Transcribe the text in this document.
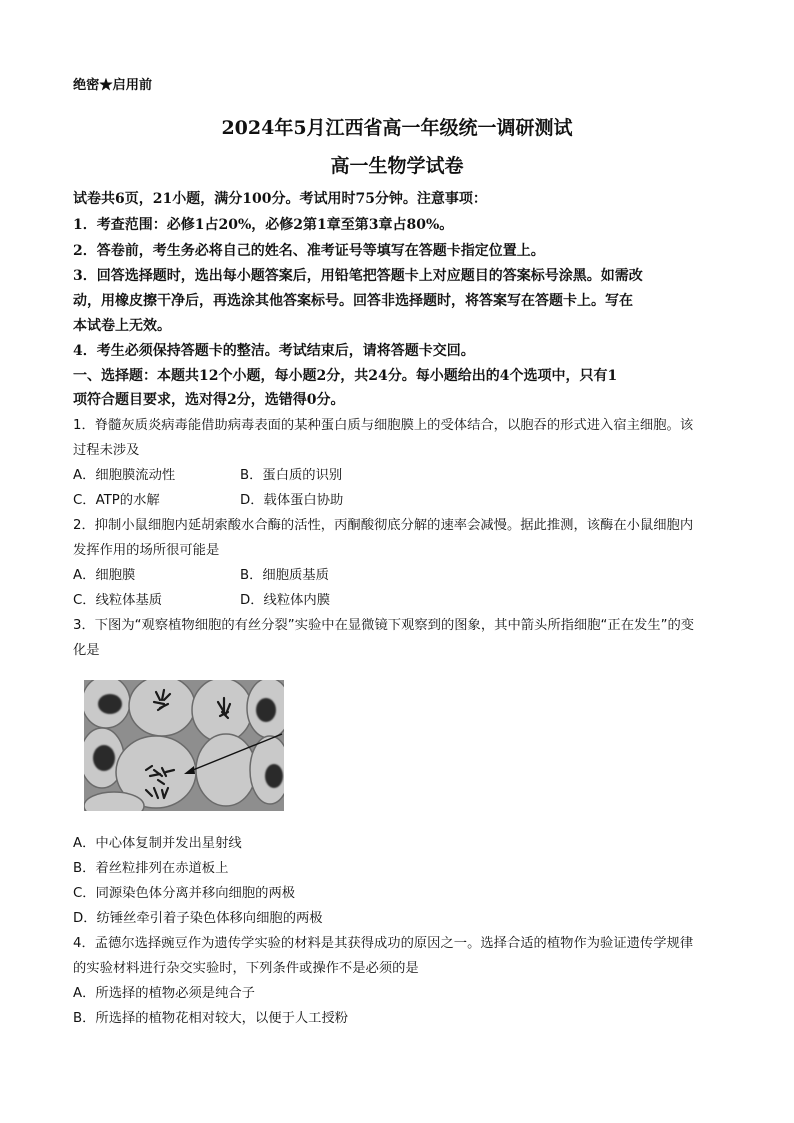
绝密★启用前
2024年5月江西省高一年级统一调研测试
高一生物学试卷
试卷共6页，21小题，满分100分。考试用时75分钟。注意事项：
1．考查范围：必修1占20%，必修2第1章至第3章占80%。
2．答卷前，考生务必将自己的姓名、准考证号等填写在答题卡指定位置上。
3．回答选择题时，选出每小题答案后，用铅笔把答题卡上对应题目的答案标号涂黑。如需改
动，用橡皮擦干净后，再选涂其他答案标号。回答非选择题时，将答案写在答题卡上。写在
本试卷上无效。
4．考生必须保持答题卡的整洁。考试结束后，请将答题卡交回。
一、选择题：本题共12个小题，每小题2分，共24分。每小题给出的4个选项中，只有1
项符合题目要求，选对得2分，选错得0分。
1．脊髓灰质炎病毒能借助病毒表面的某种蛋白质与细胞膜上的受体结合，以胞吞的形式进入宿主细胞。该
过程未涉及
A．细胞膜流动性	B．蛋白质的识别
C．ATP的水解	D．载体蛋白协助
2．抑制小鼠细胞内延胡索酸水合酶的活性，丙酮酸彻底分解的速率会减慢。据此推测，该酶在小鼠细胞内
发挥作用的场所很可能是
A．细胞膜	B．细胞质基质
C．线粒体基质	D．线粒体内膜
3．下图为“观察植物细胞的有丝分裂”实验中在显微镜下观察到的图象，其中箭头所指细胞“正在发生”的变
化是
A．中心体复制并发出星射线
B．着丝粒排列在赤道板上
C．同源染色体分离并移向细胞的两极
D．纺锤丝牵引着子染色体移向细胞的两极
4．孟德尔选择豌豆作为遗传学实验的材料是其获得成功的原因之一。选择合适的植物作为验证遗传学规律
的实验材料进行杂交实验时，下列条件或操作不是必须的是
A．所选择的植物必须是纯合子
B．所选择的植物花相对较大，以便于人工授粉
